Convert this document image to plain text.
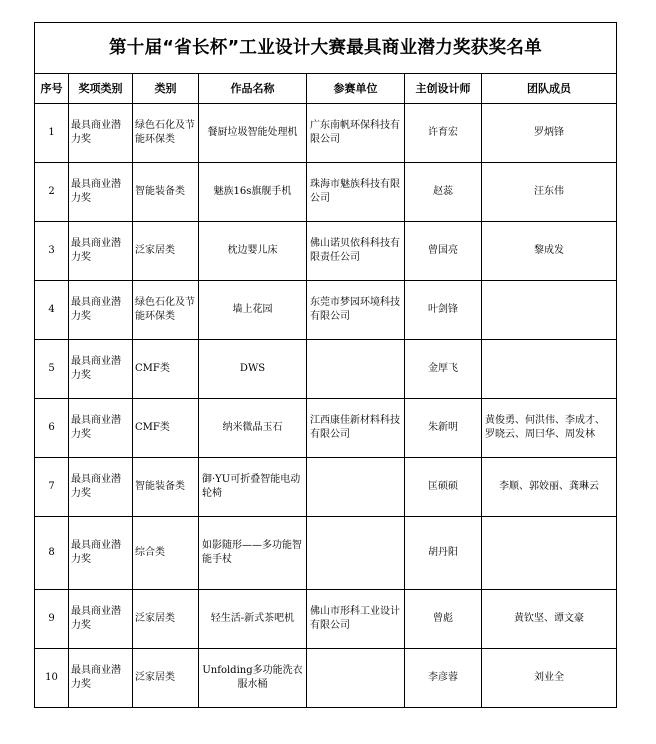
第十届“省长杯”工业设计大赛最具商业潜力奖获奖名单						
序号	奖项类别	类别	作品名称	参赛单位	主创设计师	团队成员
1	最具商业潜力奖	绿色石化及节能环保类	餐厨垃圾智能处理机	广东南帆环保科技有限公司	许育宏	罗炳锋
2	最具商业潜力奖	智能装备类	魅族16s旗舰手机	珠海市魅族科技有限公司	赵蕊	汪东伟
3	最具商业潜力奖	泛家居类	枕边婴儿床	佛山诺贝依科科技有限责任公司	曾国亮	黎成发
4	最具商业潜力奖	绿色石化及节能环保类	墙上花园	东莞市梦园环境科技有限公司	叶剑锋	
5	最具商业潜力奖	CMF类	DWS		金厚飞	
6	最具商业潜力奖	CMF类	纳米微晶玉石	江西康佳新材料科技有限公司	朱新明	黄俊勇、何洪伟、李成才、罗晓云、周曰华、周发林
7	最具商业潜力奖	智能装备类	御·YU可折叠智能电动轮椅		匡硕硕	李顺、郭姣丽、龚琳云
8	最具商业潜力奖	综合类	如影随形——多功能智能手杖		胡丹阳	
9	最具商业潜力奖	泛家居类	轻生活-新式茶吧机	佛山市形科工业设计有限公司	曾彪	黄钦坚、谭文豪
10	最具商业潜力奖	泛家居类	Unfolding多功能洗衣服水桶		李彦蓉	刘业全
